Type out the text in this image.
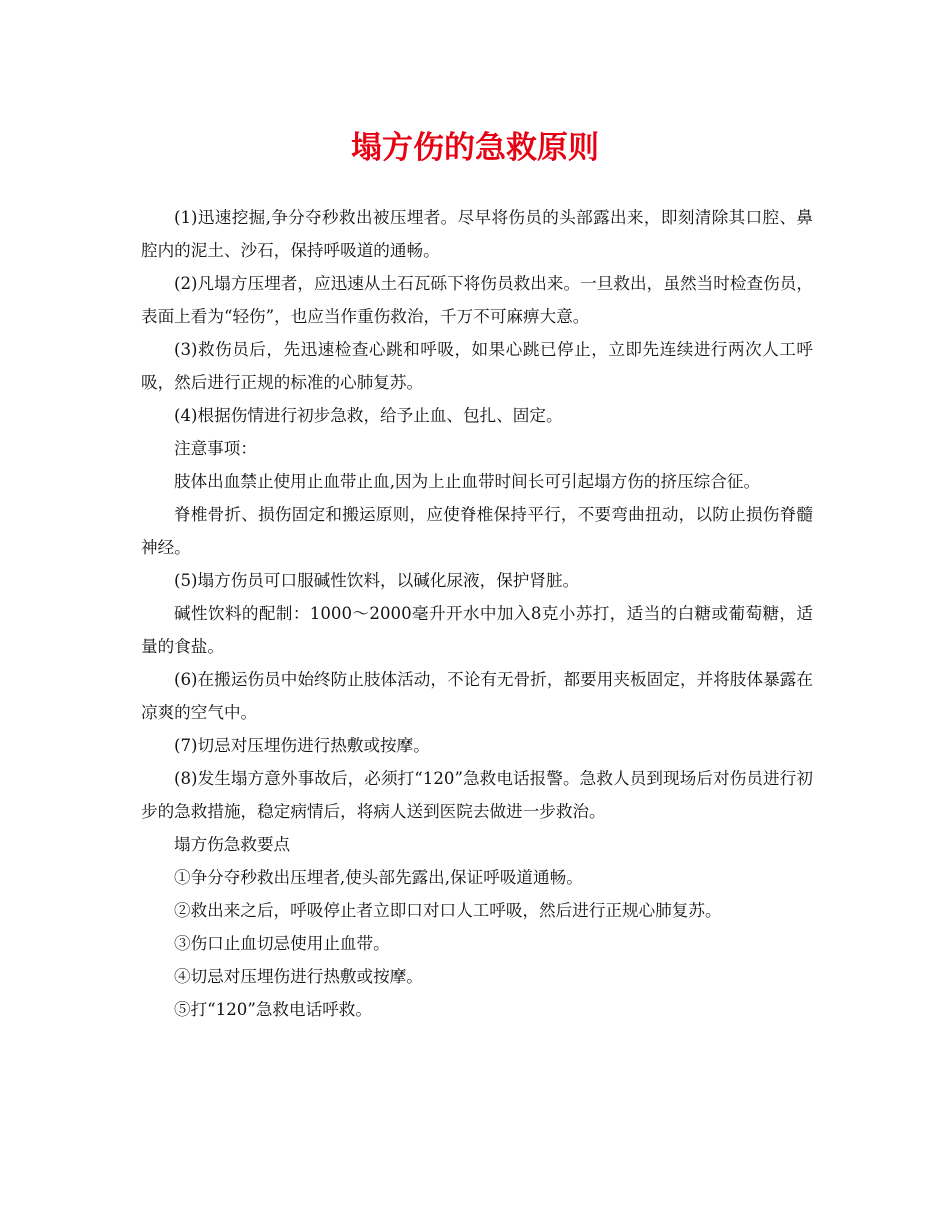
塌方伤的急救原则

(1)迅速挖掘,争分夺秒救出被压埋者。尽早将伤员的头部露出来，即刻清除其口腔、鼻腔内的泥土、沙石，保持呼吸道的通畅。

(2)凡塌方压埋者，应迅速从土石瓦砾下将伤员救出来。一旦救出，虽然当时检查伤员，表面上看为“轻伤”，也应当作重伤救治，千万不可麻痹大意。

(3)救伤员后，先迅速检查心跳和呼吸，如果心跳已停止，立即先连续进行两次人工呼吸，然后进行正规的标准的心肺复苏。

(4)根据伤情进行初步急救，给予止血、包扎、固定。

注意事项：

肢体出血禁止使用止血带止血,因为上止血带时间长可引起塌方伤的挤压综合征。

脊椎骨折、损伤固定和搬运原则，应使脊椎保持平行，不要弯曲扭动，以防止损伤脊髓神经。

(5)塌方伤员可口服碱性饮料，以碱化尿液，保护肾脏。

碱性饮料的配制：1000～2000毫升开水中加入8克小苏打，适当的白糖或葡萄糖，适量的食盐。

(6)在搬运伤员中始终防止肢体活动，不论有无骨折，都要用夹板固定，并将肢体暴露在凉爽的空气中。

(7)切忌对压埋伤进行热敷或按摩。

(8)发生塌方意外事故后，必须打“120”急救电话报警。急救人员到现场后对伤员进行初步的急救措施，稳定病情后，将病人送到医院去做进一步救治。

塌方伤急救要点

①争分夺秒救出压埋者,使头部先露出,保证呼吸道通畅。

②救出来之后，呼吸停止者立即口对口人工呼吸，然后进行正规心肺复苏。

③伤口止血切忌使用止血带。

④切忌对压埋伤进行热敷或按摩。

⑤打“120”急救电话呼救。
